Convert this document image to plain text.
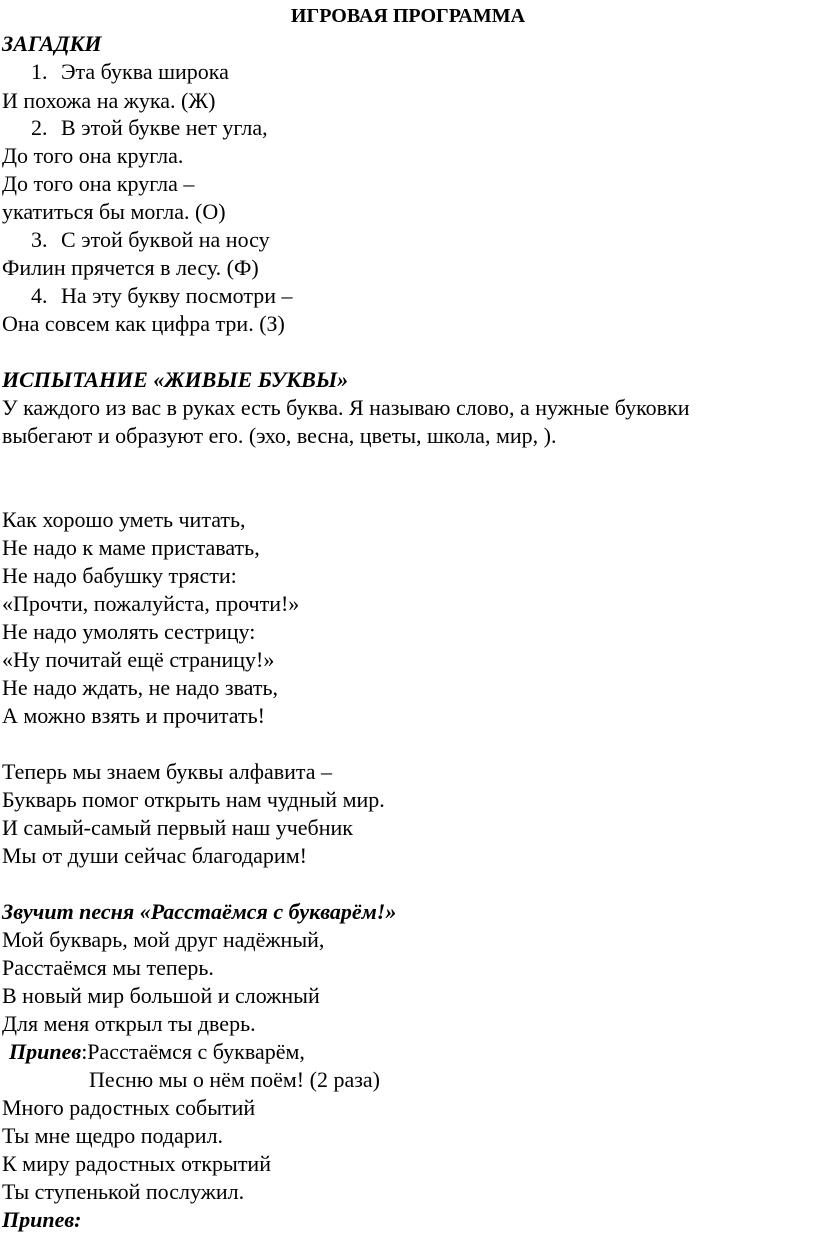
ИГРОВАЯ ПРОГРАММА
ЗАГАДКИ
1. Эта буква широка
И похожа на жука. (Ж)
2. В этой букве нет угла,
До того она кругла.
До того она кругла –
укатиться бы могла. (О)
3. С этой буквой на носу
Филин прячется в лесу. (Ф)
4. На эту букву посмотри –
Она совсем как цифра три. (З)
ИСПЫТАНИЕ «ЖИВЫЕ БУКВЫ»
У каждого из вас в руках есть буква. Я называю слово, а нужные буковки
выбегают и образуют его. (эхо, весна, цветы, школа, мир, ).
Как хорошо уметь читать,
Не надо к маме приставать,
Не надо бабушку трясти:
«Прочти, пожалуйста, прочти!»
Не надо умолять сестрицу:
«Ну почитай ещё страницу!»
Не надо ждать, не надо звать,
А можно взять и прочитать!
Теперь мы знаем буквы алфавита –
Букварь помог открыть нам чудный мир.
И самый-самый первый наш учебник
Мы от души сейчас благодарим!
Звучит песня «Расстаёмся с букварём!»
Мой букварь, мой друг надёжный,
Расстаёмся мы теперь.
В новый мир большой и сложный
Для меня открыл ты дверь.
Припев:Расстаёмся с букварём,
Песню мы о нём поём! (2 раза)
Много радостных событий
Ты мне щедро подарил.
К миру радостных открытий
Ты ступенькой послужил.
Припев:
